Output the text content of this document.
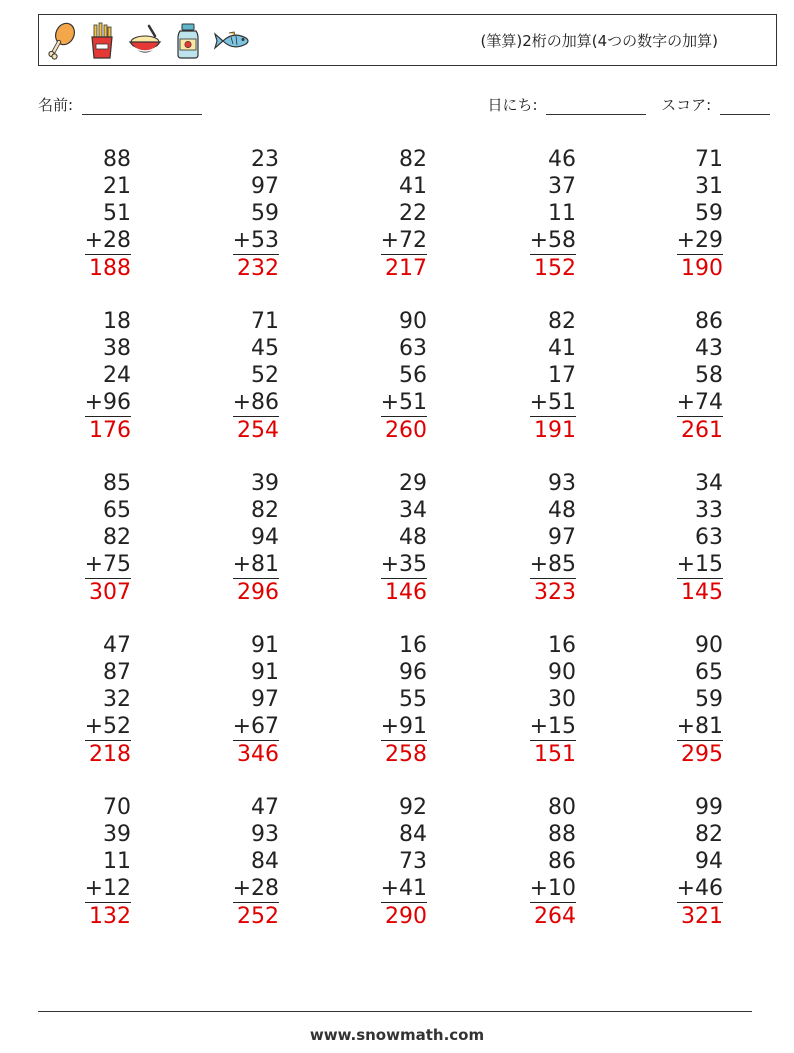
(筆算)2桁の加算(4つの数字の加算)
名前:	日にち:	スコア:
88
21
51
+28
188
23
97
59
+53
232
82
41
22
+72
217
46
37
11
+58
152
71
31
59
+29
190
18
38
24
+96
176
71
45
52
+86
254
90
63
56
+51
260
82
41
17
+51
191
86
43
58
+74
261
85
65
82
+75
307
39
82
94
+81
296
29
34
48
+35
146
93
48
97
+85
323
34
33
63
+15
145
47
87
32
+52
218
91
91
97
+67
346
16
96
55
+91
258
16
90
30
+15
151
90
65
59
+81
295
70
39
11
+12
132
47
93
84
+28
252
92
84
73
+41
290
80
88
86
+10
264
99
82
94
+46
321
www.snowmath.com
